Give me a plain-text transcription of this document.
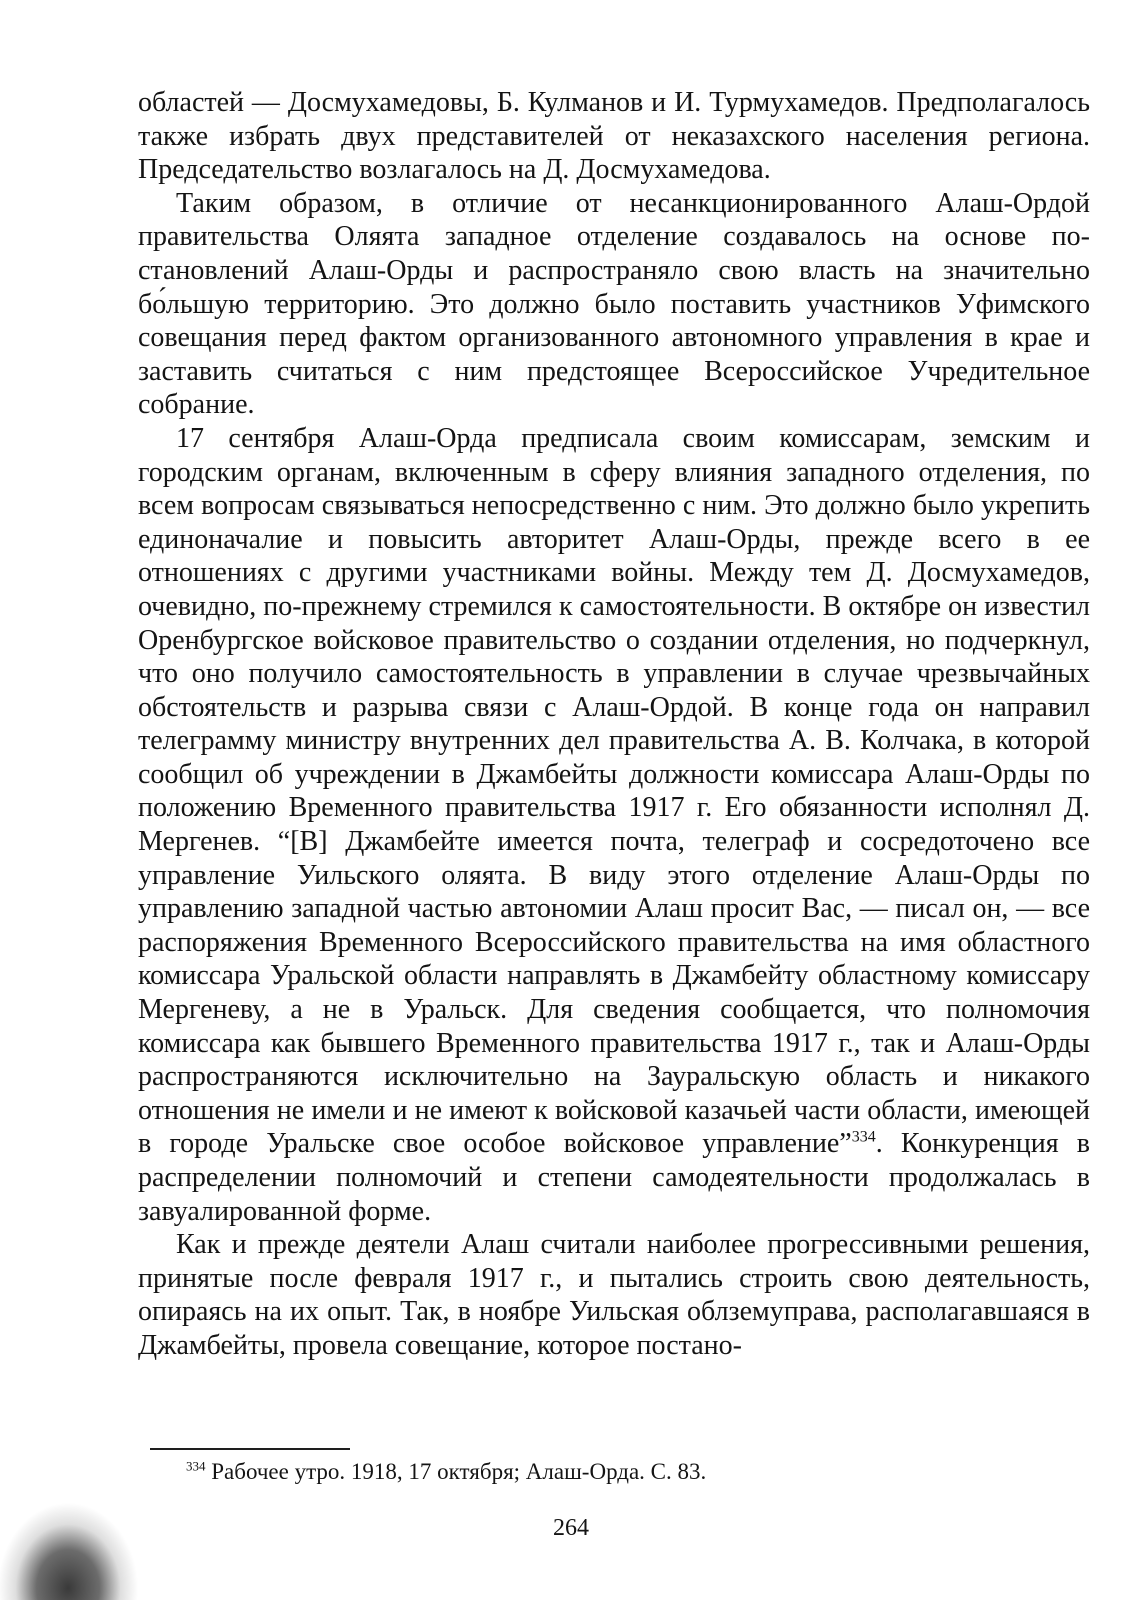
областей — Досмухамедовы, Б. Кулманов и И. Турмухамедов. Предполагалось также избрать двух представителей от неказахского населения региона. Председательство возлагалось на Д. Досмухамедова.

Таким образом, в отличие от несанкционированного Алаш-Ордой правительства Оляята западное отделение создавалось на основе постановлений Алаш-Орды и распространяло свою власть на значительно бо́льшую территорию. Это должно было поставить участников Уфимского совещания перед фактом организованного автономного управления в крае и заставить считаться с ним предстоящее Всероссийское Учредительное собрание.

17 сентября Алаш-Орда предписала своим комиссарам, земским и городским органам, включенным в сферу влияния западного отделения, по всем вопросам связываться непосредственно с ним. Это должно было укрепить единоначалие и повысить авторитет Алаш-Орды, прежде всего в ее отношениях с другими участниками войны. Между тем Д. Досмухамедов, очевидно, по-прежнему стремился к самостоятельности. В октябре он известил Оренбургское войсковое правительство о создании отделения, но подчеркнул, что оно получило самостоятельность в управлении в случае чрезвычайных обстоятельств и разрыва связи с Алаш-Ордой. В конце года он направил телеграмму министру внутренних дел правительства А. В. Колчака, в которой сообщил об учреждении в Джамбейты должности комиссара Алаш-Орды по положению Временного правительства 1917 г. Его обязанности исполнял Д. Мергенев. “[В] Джамбейте имеется почта, телеграф и сосредоточено все управление Уильского оляята. В виду этого отделение Алаш-Орды по управлению западной частью автономии Алаш просит Вас, — писал он, — все распоряжения Временного Всероссийского правительства на имя областного комиссара Уральской области направлять в Джамбейту областному комиссару Мергеневу, а не в Уральск. Для сведения сообщается, что полномочия комиссара как бывшего Временного правительства 1917 г., так и Алаш-Орды распространяются исключительно на Зауральскую область и никакого отношения не имели и не имеют к войсковой казачьей части области, имеющей в городе Уральске свое особое войсковое управление”$^{334}$. Конкуренция в распределении полномочий и степени самодеятельности продолжалась в завуалированной форме.

Как и прежде деятели Алаш считали наиболее прогрессивными решения, принятые после февраля 1917 г., и пытались строить свою деятельность, опираясь на их опыт. Так, в ноябре Уильская облземуправа, располагавшаяся в Джамбейты, провела совещание, которое постано-

$^{334}$ Рабочее утро. 1918, 17 октября; Алаш-Орда. С. 83.
264
